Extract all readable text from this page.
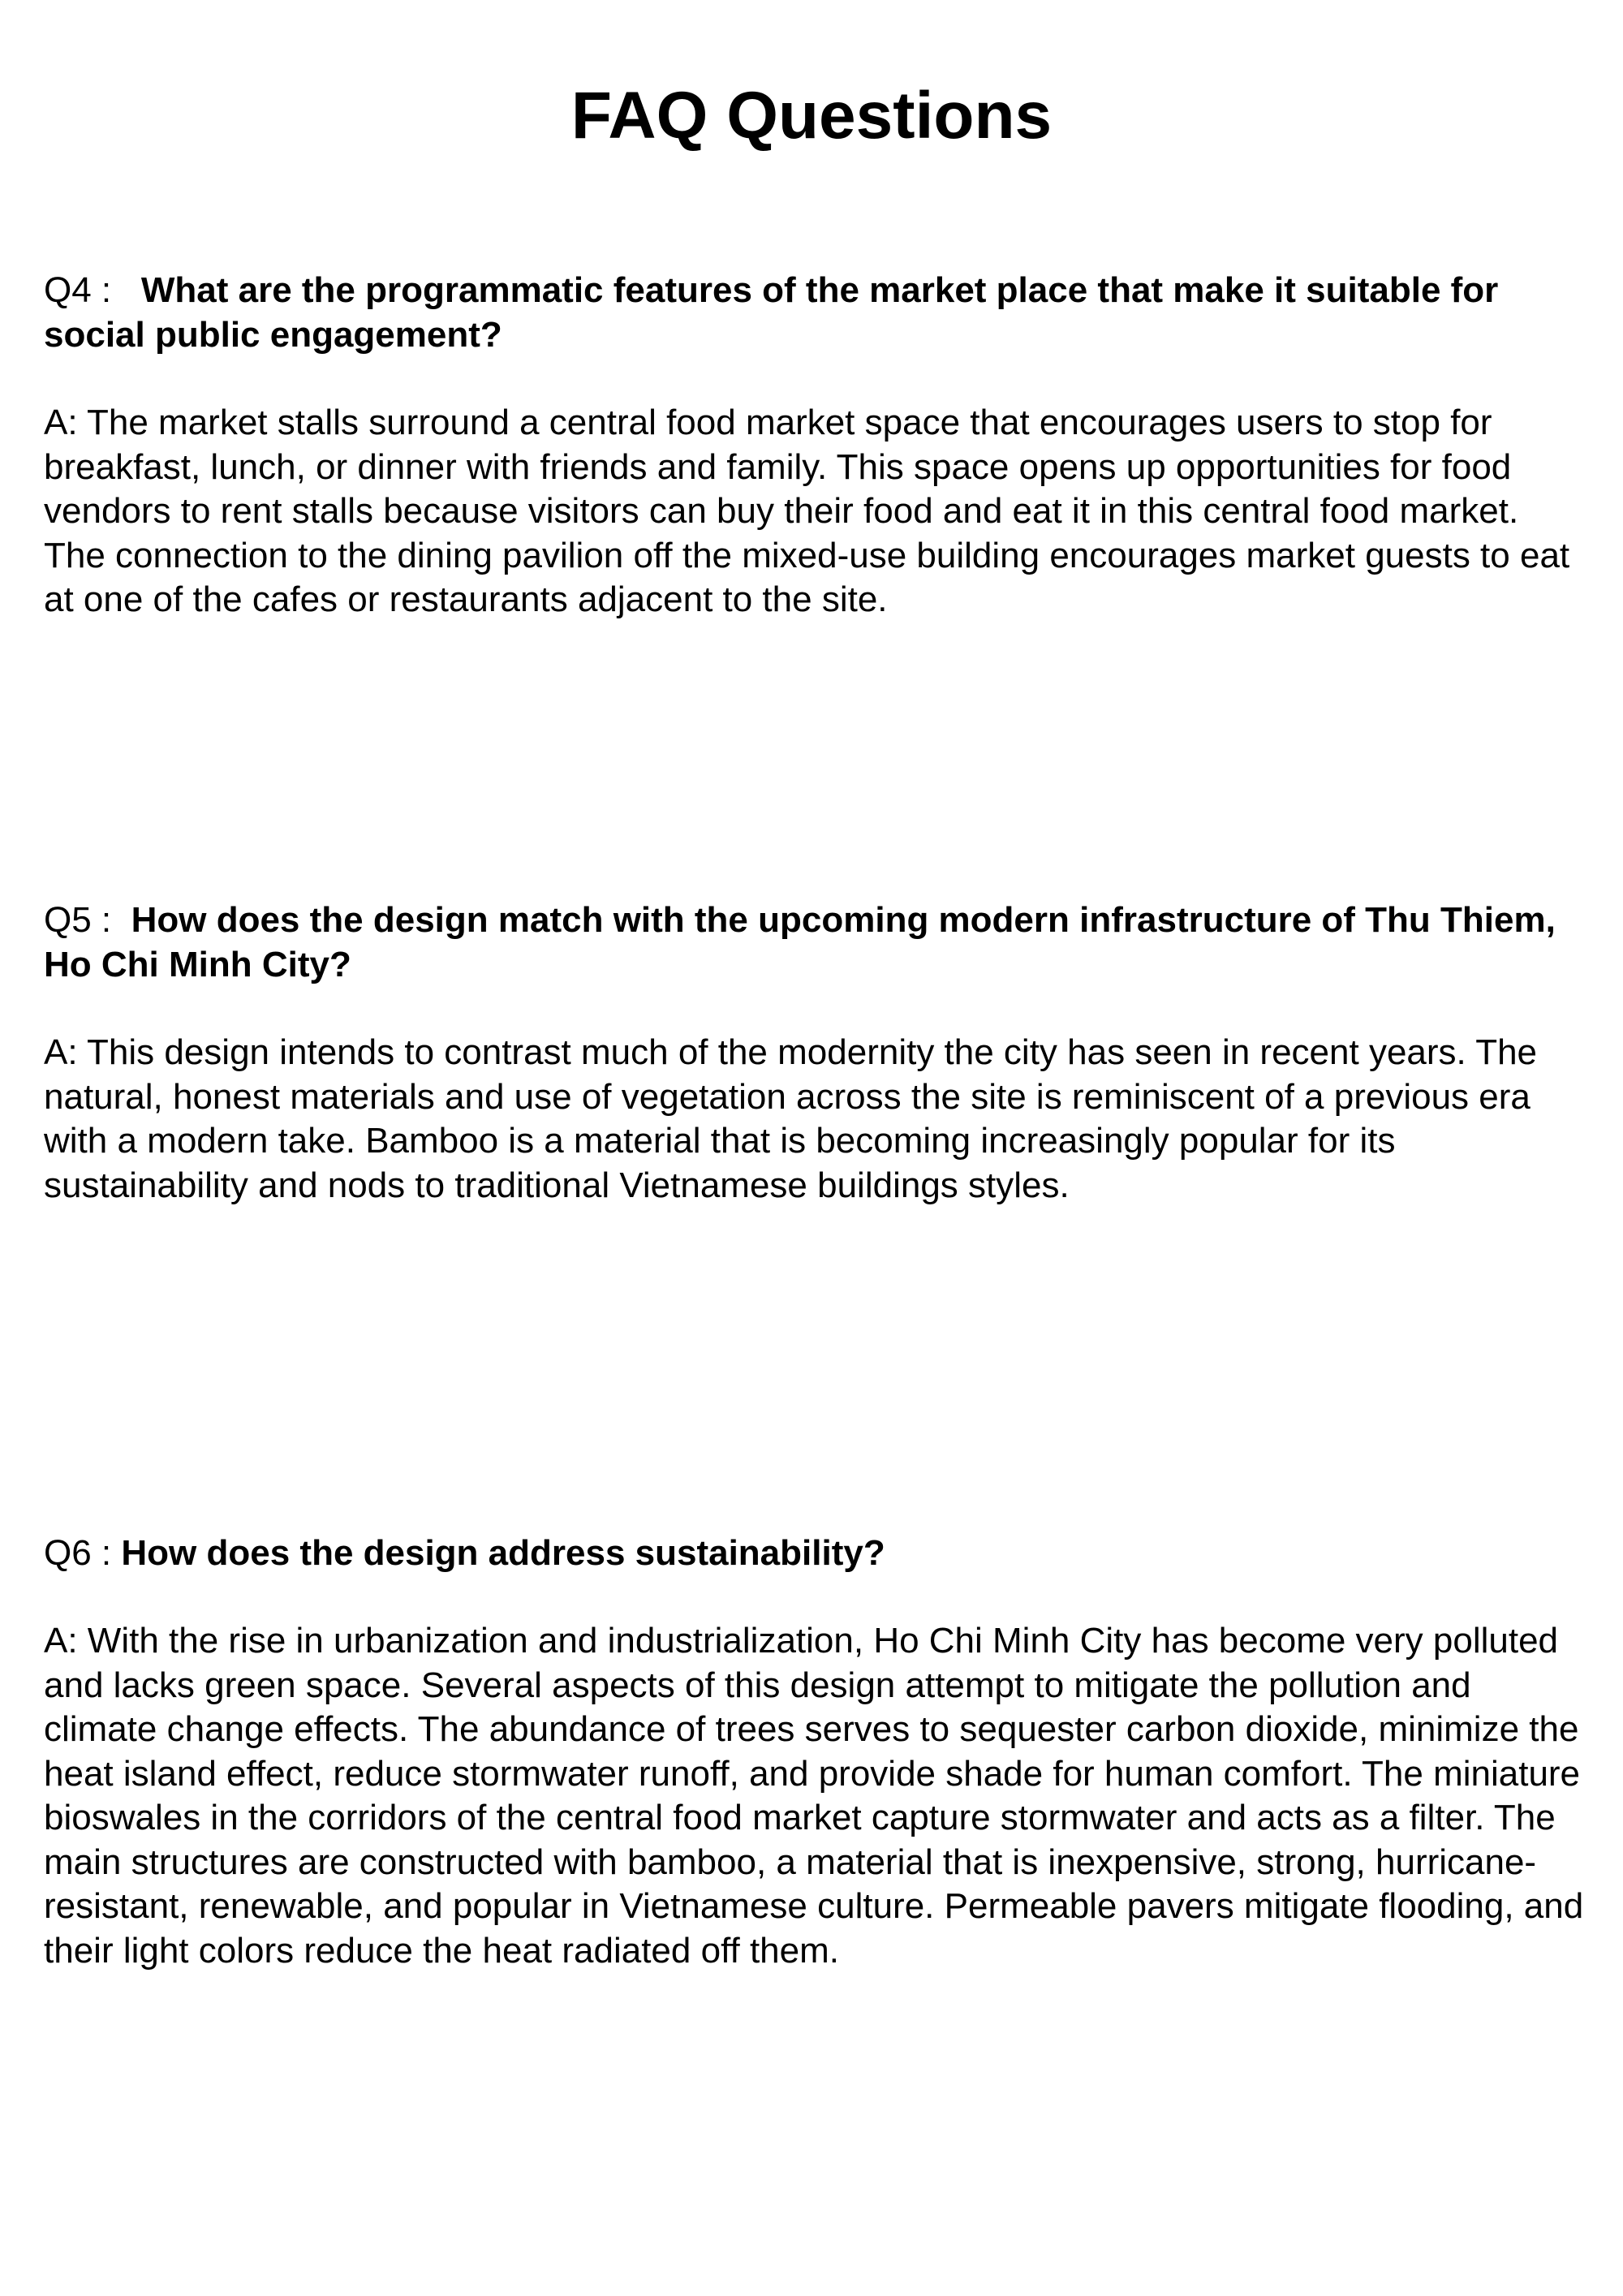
FAQ Questions

Q4 : What are the programmatic features of the market place that make it suitable for social public engagement?

A: The market stalls surround a central food market space that encourages users to stop for breakfast, lunch, or dinner with friends and family. This space opens up opportunities for food vendors to rent stalls because visitors can buy their food and eat it in this central food market. The connection to the dining pavilion off the mixed-use building encourages market guests to eat at one of the cafes or restaurants adjacent to the site.

Q5 : How does the design match with the upcoming modern infrastructure of Thu Thiem, Ho Chi Minh City?

A: This design intends to contrast much of the modernity the city has seen in recent years. The natural, honest materials and use of vegetation across the site is reminiscent of a previous era with a modern take. Bamboo is a material that is becoming increasingly popular for its sustainability and nods to traditional Vietnamese buildings styles.

Q6 : How does the design address sustainability?

A: With the rise in urbanization and industrialization, Ho Chi Minh City has become very polluted and lacks green space. Several aspects of this design attempt to mitigate the pollution and climate change effects. The abundance of trees serves to sequester carbon dioxide, minimize the heat island effect, reduce stormwater runoff, and provide shade for human comfort. The miniature bioswales in the corridors of the central food market capture stormwater and acts as a filter. The main structures are constructed with bamboo, a material that is inexpensive, strong, hurricane-resistant, renewable, and popular in Vietnamese culture. Permeable pavers mitigate flooding, and their light colors reduce the heat radiated off them.
